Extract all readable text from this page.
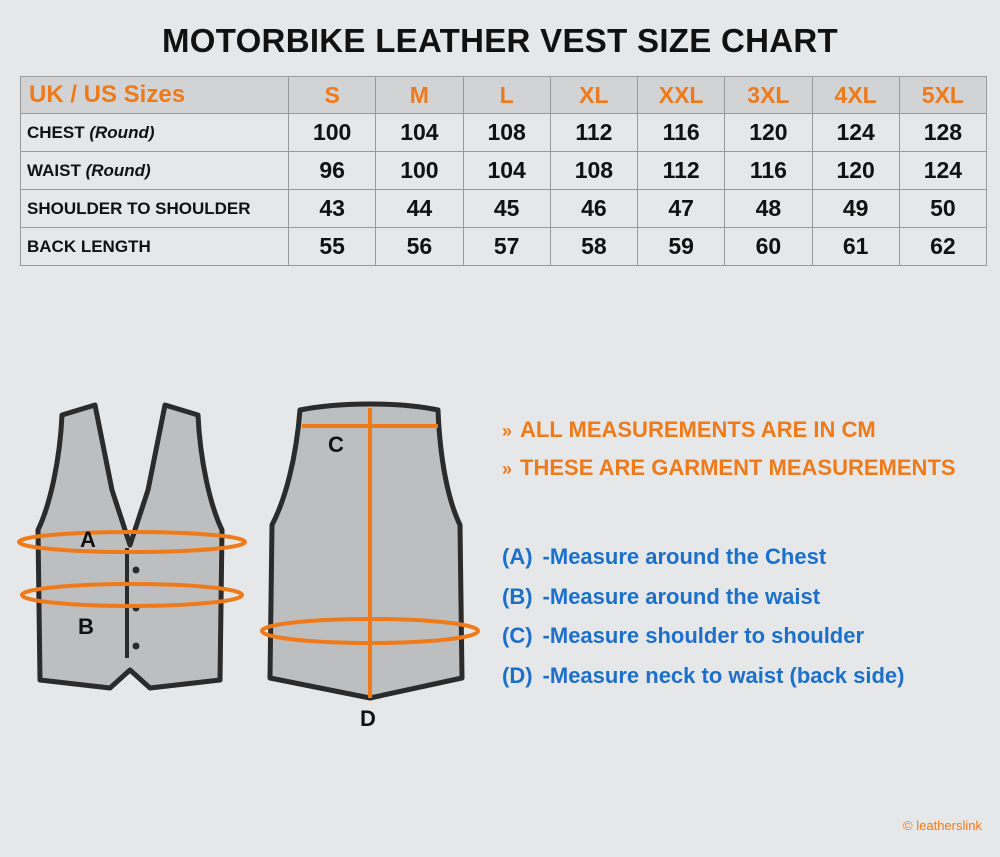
MOTORBIKE LEATHER VEST SIZE CHART
UK / US Sizes	S	M	L	XL	XXL	3XL	4XL	5XL
CHEST (Round)	100	104	108	112	116	120	124	128
WAIST (Round)	96	100	104	108	112	116	120	124
SHOULDER TO SHOULDER	43	44	45	46	47	48	49	50
BACK LENGTH	55	56	57	58	59	60	61	62
A
B
C
D
» ALL MEASUREMENTS ARE IN CM
» THESE ARE GARMENT MEASUREMENTS
(A) -Measure around the Chest
(B) -Measure around the waist
(C) -Measure shoulder to shoulder
(D) -Measure neck to waist (back side)
© leatherslink
